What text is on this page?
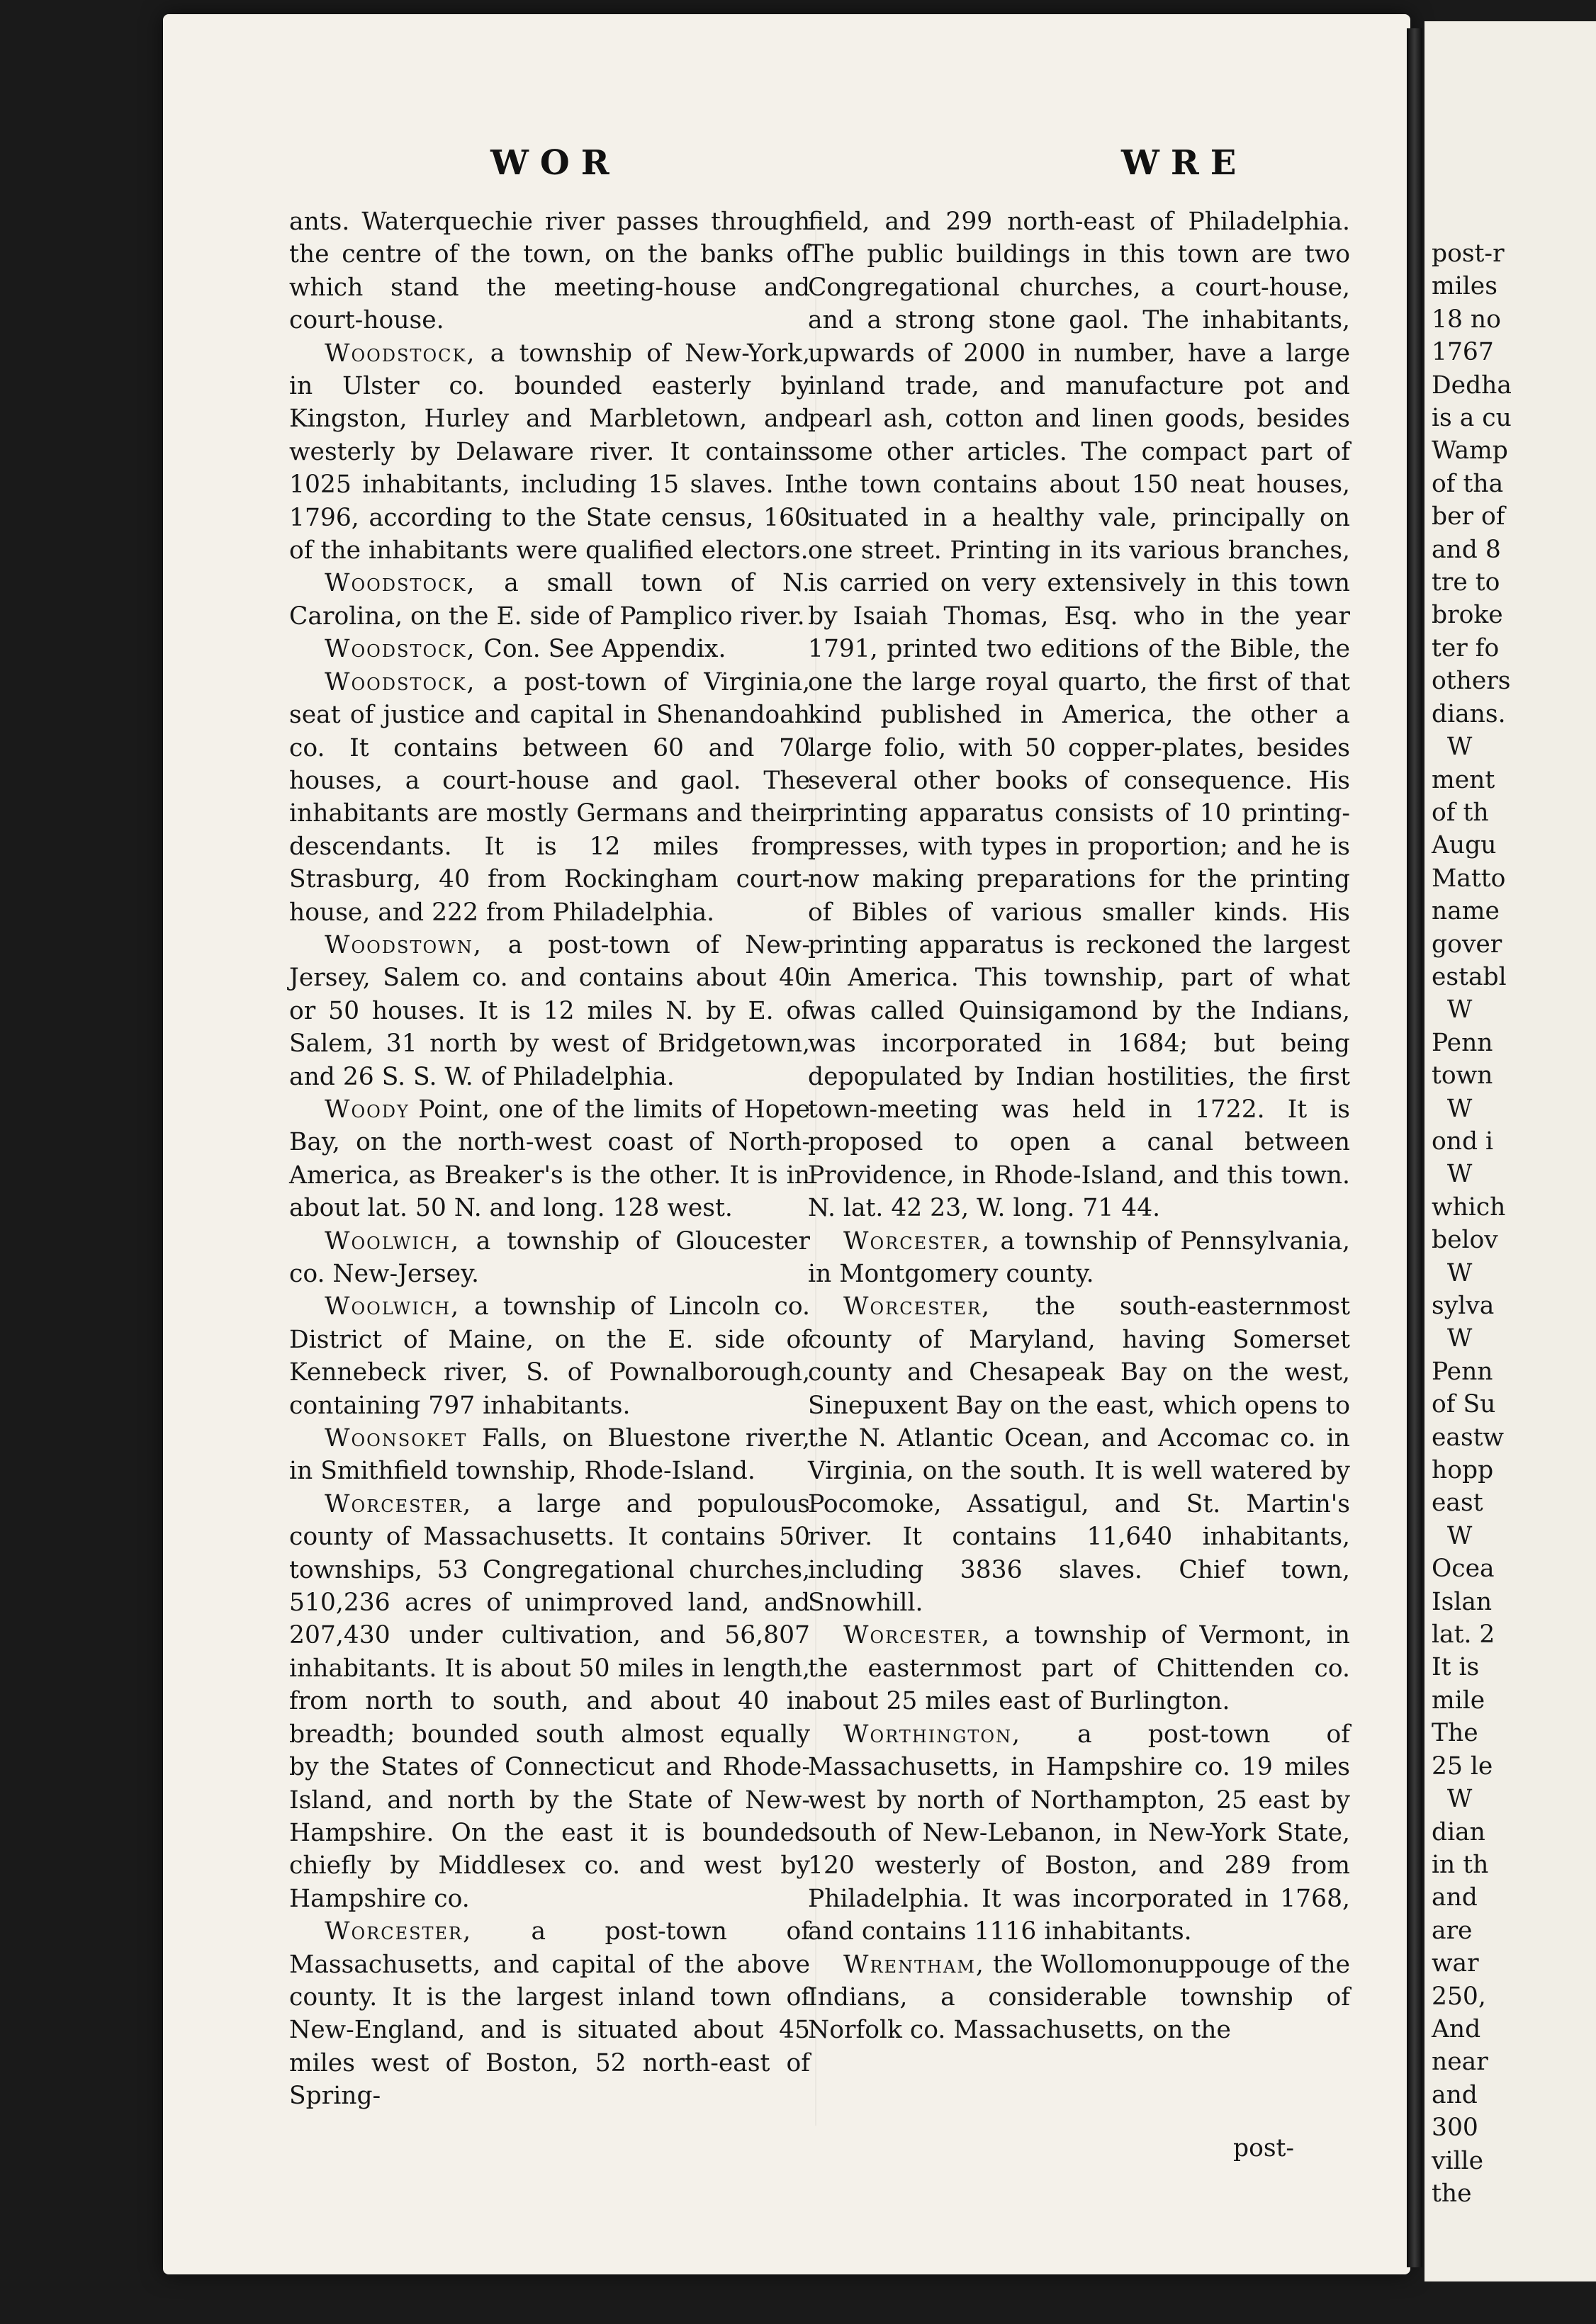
WOR	WRE

ants. Waterquechie river passes through the centre of the town, on the banks of which stand the meeting-house and court-house.

Woodstock, a township of New-York, in Ulster co. bounded easterly by Kingston, Hurley and Marbletown, and westerly by Delaware river. It contains 1025 inhabitants, including 15 slaves. In 1796, according to the State census, 160 of the inhabitants were qualified electors.

Woodstock, a small town of N. Carolina, on the E. side of Pamplico river.

Woodstock, Con. See Appendix.

Woodstock, a post-town of Virginia, seat of justice and capital in Shenandoah co. It contains between 60 and 70 houses, a court-house and gaol. The inhabitants are mostly Germans and their descendants. It is 12 miles from Strasburg, 40 from Rockingham court-house, and 222 from Philadelphia.

Woodstown, a post-town of New-Jersey, Salem co. and contains about 40 or 50 houses. It is 12 miles N. by E. of Salem, 31 north by west of Bridgetown, and 26 S. S. W. of Philadelphia.

Woody Point, one of the limits of Hope Bay, on the north-west coast of North-America, as Breaker's is the other. It is in about lat. 50 N. and long. 128 west.

Woolwich, a township of Gloucester co. New-Jersey.

Woolwich, a township of Lincoln co. District of Maine, on the E. side of Kennebeck river, S. of Pownalborough, containing 797 inhabitants.

Woonsoket Falls, on Bluestone river, in Smithfield township, Rhode-Island.

Worcester, a large and populous county of Massachusetts. It contains 50 townships, 53 Congregational churches, 510,236 acres of unimproved land, and 207,430 under cultivation, and 56,807 inhabitants. It is about 50 miles in length, from north to south, and about 40 in breadth; bounded south almost equally by the States of Connecticut and Rhode-Island, and north by the State of New-Hampshire. On the east it is bounded chiefly by Middlesex co. and west by Hampshire co.

Worcester, a post-town of Massachusetts, and capital of the above county. It is the largest inland town of New-England, and is situated about 45 miles west of Boston, 52 north-east of Spring-

field, and 299 north-east of Philadelphia. The public buildings in this town are two Congregational churches, a court-house, and a strong stone gaol. The inhabitants, upwards of 2000 in number, have a large inland trade, and manufacture pot and pearl ash, cotton and linen goods, besides some other articles. The compact part of the town contains about 150 neat houses, situated in a healthy vale, principally on one street. Printing in its various branches, is carried on very extensively in this town by Isaiah Thomas, Esq. who in the year 1791, printed two editions of the Bible, the one the large royal quarto, the first of that kind published in America, the other a large folio, with 50 copper-plates, besides several other books of consequence. His printing apparatus consists of 10 printing-presses, with types in proportion; and he is now making preparations for the printing of Bibles of various smaller kinds. His printing apparatus is reckoned the largest in America. This township, part of what was called Quinsigamond by the Indians, was incorporated in 1684; but being depopulated by Indian hostilities, the first town-meeting was held in 1722. It is proposed to open a canal between Providence, in Rhode-Island, and this town. N. lat. 42 23, W. long. 71 44.

Worcester, a township of Pennsylvania, in Montgomery county.

Worcester, the south-easternmost county of Maryland, having Somerset county and Chesapeak Bay on the west, Sinepuxent Bay on the east, which opens to the N. Atlantic Ocean, and Accomac co. in Virginia, on the south. It is well watered by Pocomoke, Assatigul, and St. Martin's river. It contains 11,640 inhabitants, including 3836 slaves. Chief town, Snowhill.

Worcester, a township of Vermont, in the easternmost part of Chittenden co. about 25 miles east of Burlington.

Worthington, a post-town of Massachusetts, in Hampshire co. 19 miles west by north of Northampton, 25 east by south of New-Lebanon, in New-York State, 120 westerly of Boston, and 289 from Philadelphia. It was incorporated in 1768, and contains 1116 inhabitants.

Wrentham, the Wollomonuppouge of the Indians, a considerable township of Norfolk co. Massachusetts, on the

post-
post-r
miles
18 no
1767
Dedha
is a cu
Wamp
of tha
ber of
and 8
tre to
broke
ter fo
others
dians.
W
ment
of th
Augu
Matto
name
gover
establ
W
Penn
town
W
ond i
W
which
belov
W
sylva
W
Penn
of Su
eastw
hopp
east
W
Ocea
Islan
lat. 2
It is
mile
The
25 le
W
dian
in th
and
are
war
250,
And
near
and
300
ville
the
